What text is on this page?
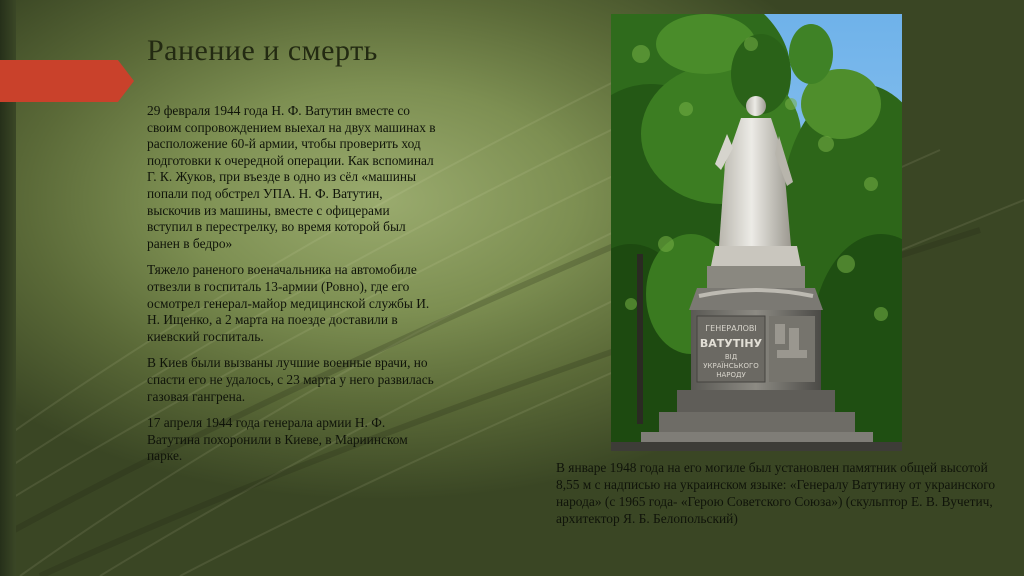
Ранение и смерть

29 февраля 1944 года Н. Ф. Ватутин вместе со своим сопровождением выехал на двух машинах в расположение 60-й армии, чтобы проверить ход подготовки к очередной операции. Как вспоминал Г. К. Жуков, при въезде в одно из сёл «машины попали под обстрел УПА. Н. Ф. Ватутин, выскочив из машины, вместе с офицерами вступил в перестрелку, во время которой был ранен в бедро»

Тяжело раненого военачальника на автомобиле отвезли в госпиталь 13-армии (Ровно), где его осмотрел генерал-майор медицинской службы И. Н. Ищенко, а 2 марта на поезде доставили в киевский госпиталь.

В Киев были вызваны лучшие военные врачи, но спасти его не удалось, с 23 марта у него развилась газовая гангрена.

17 апреля 1944 года генерала армии Н. Ф. Ватутина похоронили в Киеве, в Мариинском парке.

ГЕНЕРАЛОВІ
ВАТУТІНУ
ВІД
УКРАЇНСЬКОГО
НАРОДУ
В январе 1948 года на его могиле был установлен памятник общей высотой 8,55 м с надписью на украинском языке: «Генералу Ватутину от украинского народа» (с 1965 года- «Герою Советского Союза») (скульптор Е. В. Вучетич, архитектор Я. Б. Белопольский)
